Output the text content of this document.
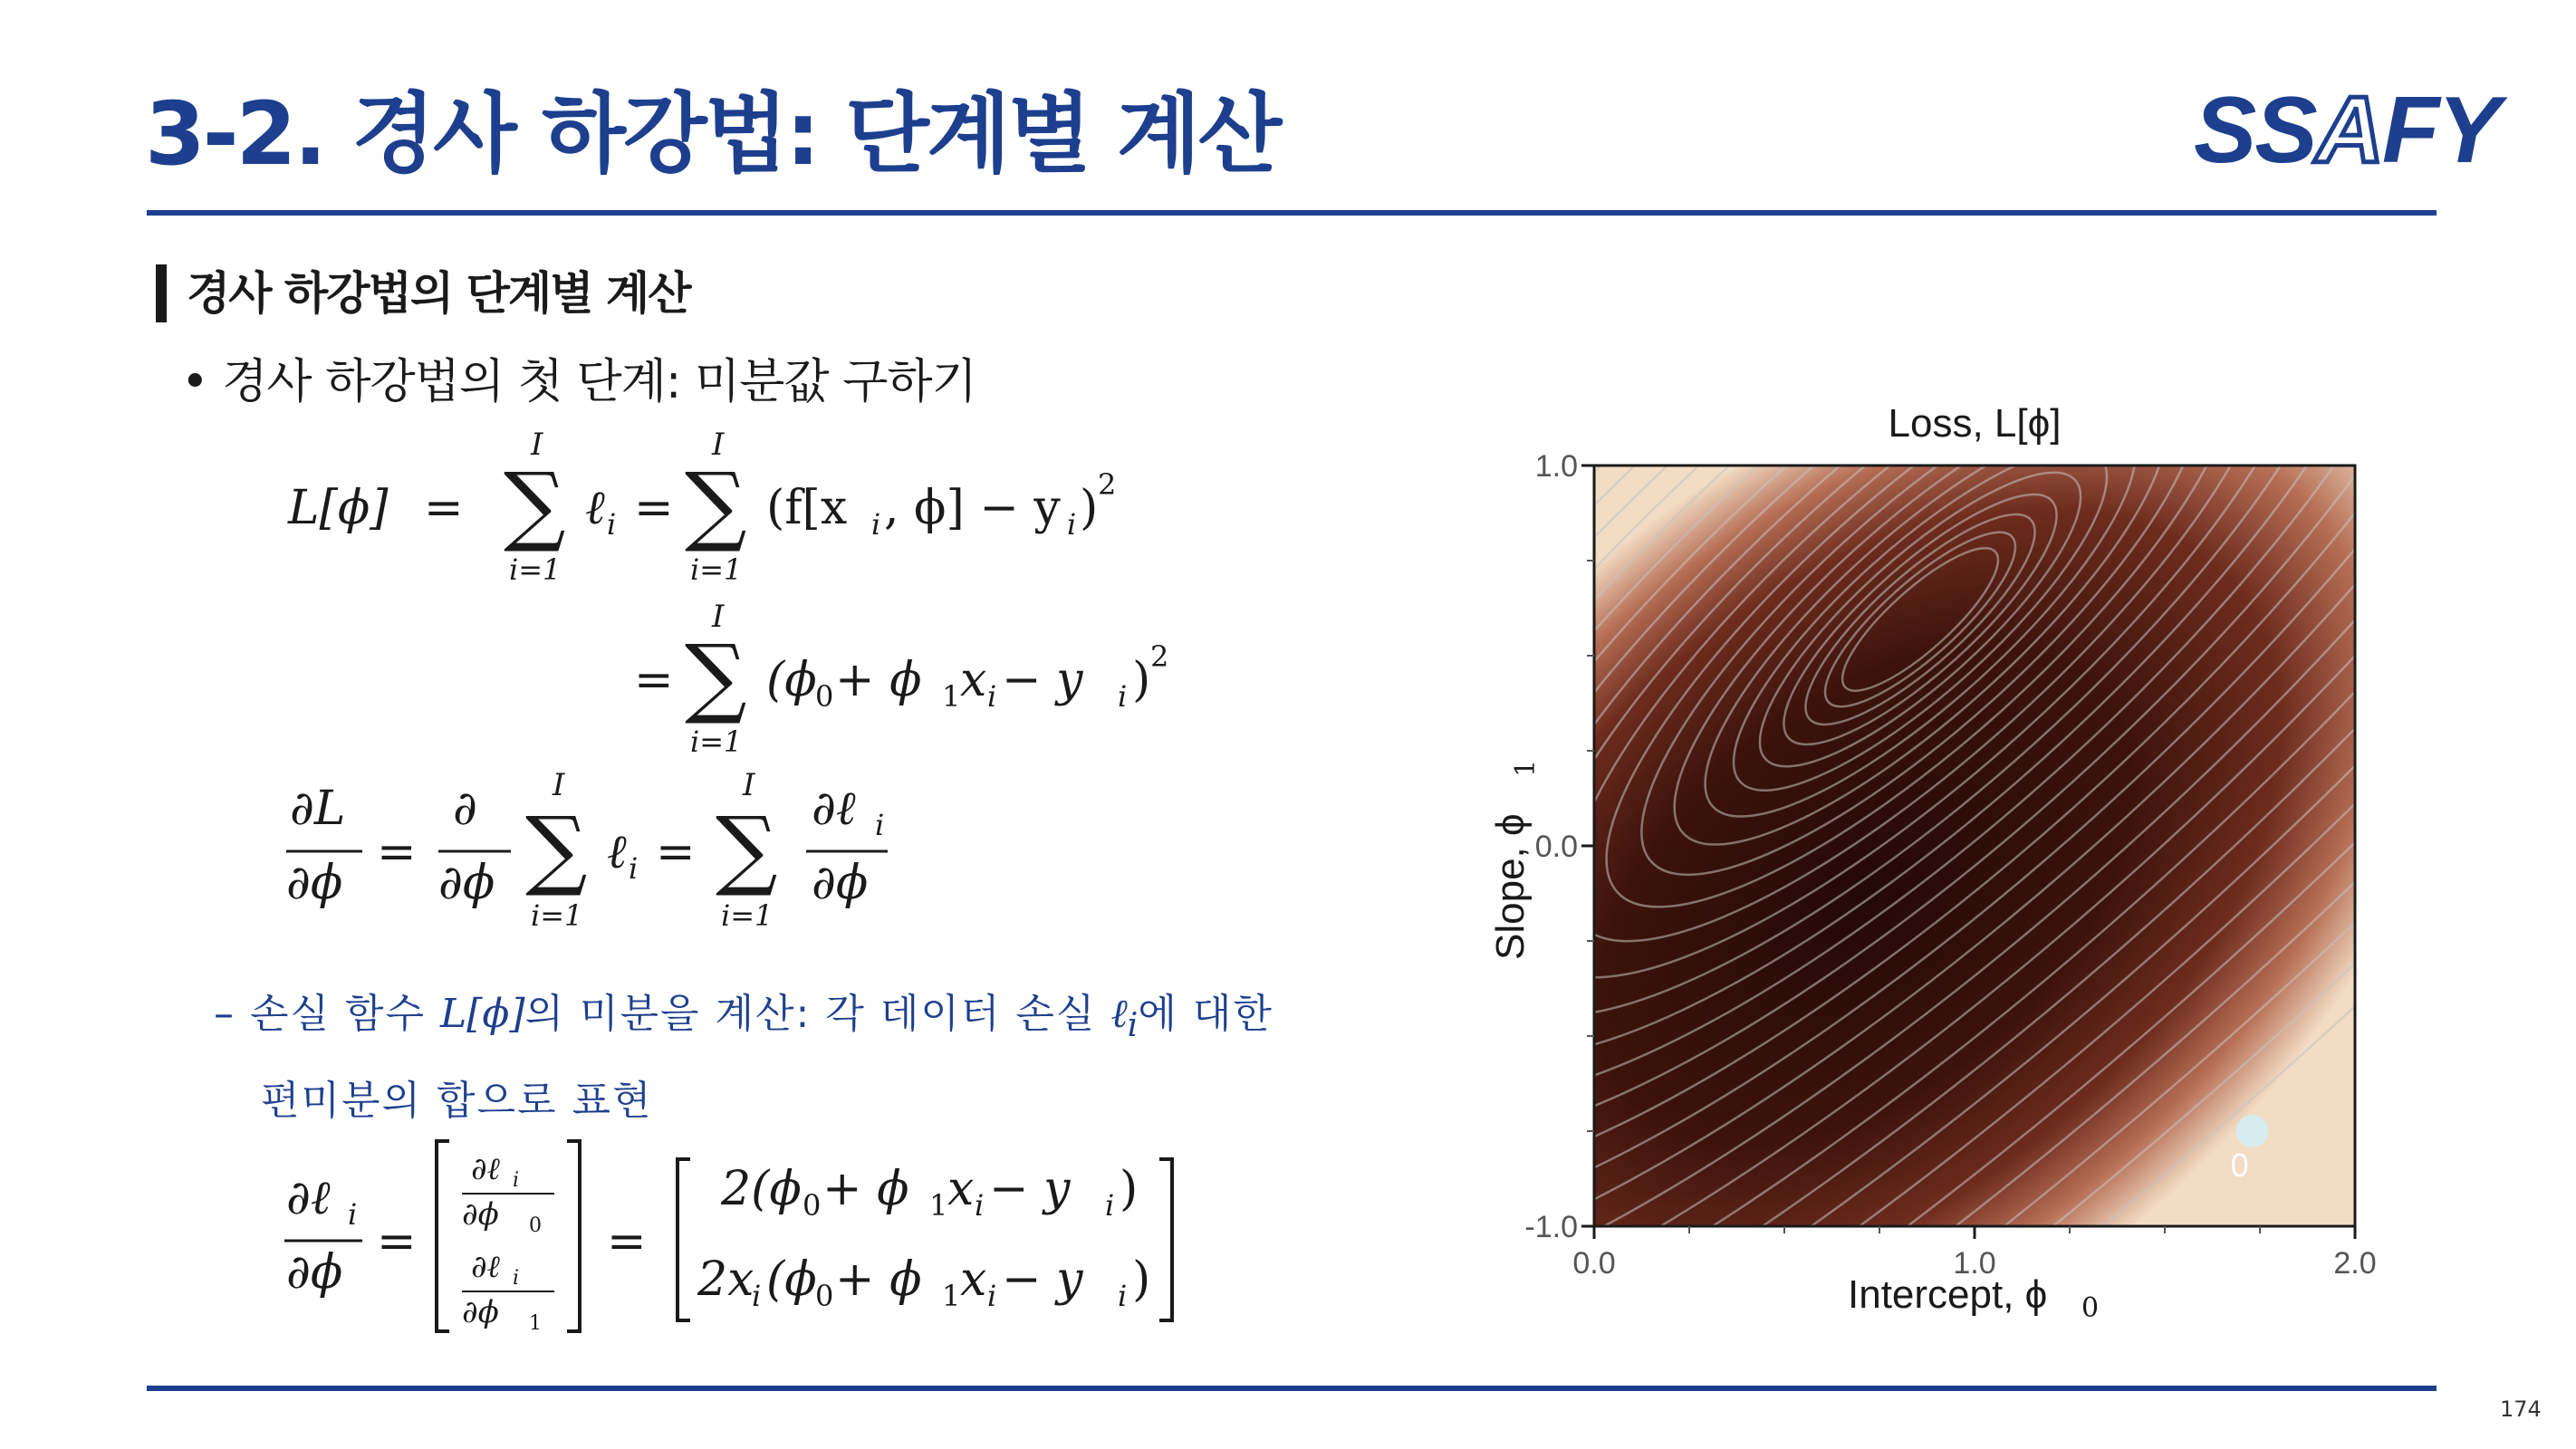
3-2. 경사 하강법: 단계별 계산	SSAFY
경사 하강법의 단계별 계산
• 경사 하강법의 첫 단계: 미분값 구하기
L[ϕ] =
I
∑
i=1
ℓ i =
I
∑
i=1
(f[x i , ϕ] − y i ) 2
=
I
∑
i=1
(ϕ
0 + ϕ 1 x i − y i ) 2
∂L
∂ϕ
=
∂
∂ϕ
I
∑
i=1
ℓ i =
I
∑
i=1
∂ℓ i
∂ϕ
∂ℓ i
∂ϕ
=
∂ℓ i
∂ϕ 0
∂ℓ i
∂ϕ 1
=
2(ϕ 0 + ϕ 1 x i − y i )
2x
i (ϕ
0 + ϕ 1 x i − y i )
– 손실 함수 L[ϕ]의 미분을 계산: 각 데이터 손실 ℓ$_i$에 대한
편미분의 합으로 표현
Loss, L[ϕ]
-1.0
0.0
1.0
0.0	1.0	2.0
Slope, ϕ
1
Intercept, ϕ 0
0
174
